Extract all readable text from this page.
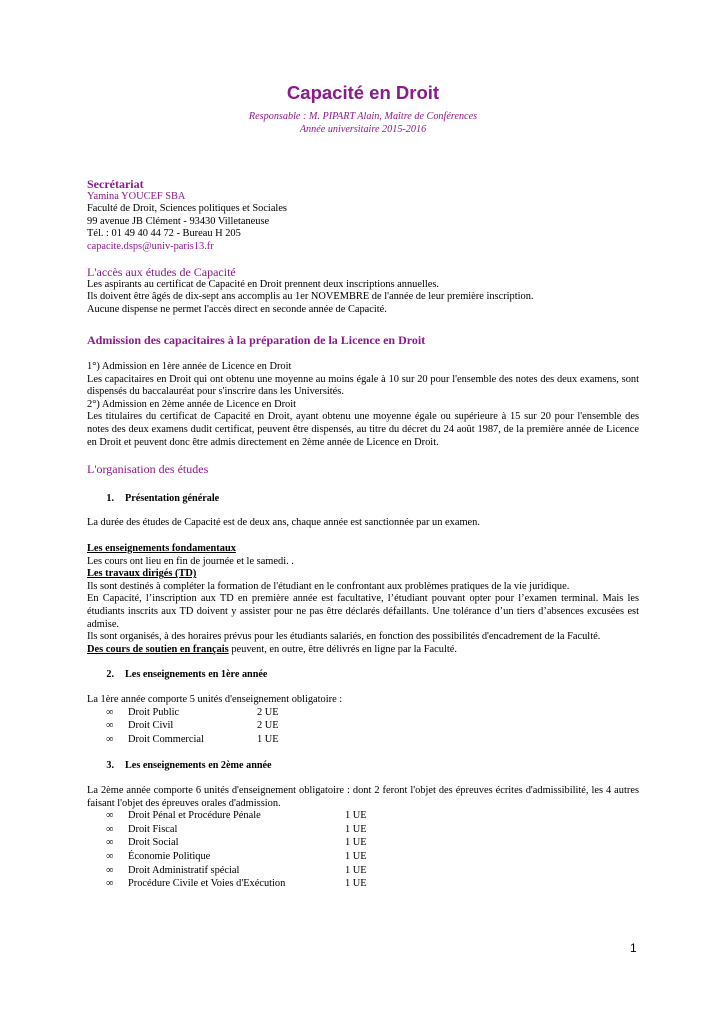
Capacité en Droit
Responsable : M. PIPART Alain, Maître de Conférences
Année universitaire 2015-2016
Secrétariat

Yamina YOUCEF SBA

Faculté de Droit, Sciences politiques et Sociales

99 avenue JB Clément - 93430 Villetaneuse

Tél. : 01 49 40 44 72 - Bureau H 205

capacite.dsps@univ-paris13.fr

L'accès aux études de Capacité

Les aspirants au certificat de Capacité en Droit prennent deux inscriptions annuelles.

Ils doivent être âgés de dix-sept ans accomplis au 1er NOVEMBRE de l'année de leur première inscription.

Aucune dispense ne permet l'accès direct en seconde année de Capacité.

Admission des capacitaires à la préparation de la Licence en Droit

1°) Admission en 1ère année de Licence en Droit

Les capacitaires en Droit qui ont obtenu une moyenne au moins égale à 10 sur 20 pour l'ensemble des notes des deux examens, sont dispensés du baccalauréat pour s'inscrire dans les Universités.

2°) Admission en 2ème année de Licence en Droit

Les titulaires du certificat de Capacité en Droit, ayant obtenu une moyenne égale ou supérieure à 15 sur 20 pour l'ensemble des notes des deux examens dudit certificat, peuvent être dispensés, au titre du décret du 24 août 1987, de la première année de Licence en Droit et peuvent donc être admis directement en 2ème année de Licence en Droit.

L'organisation des études
1. Présentation générale

La durée des études de Capacité est de deux ans, chaque année est sanctionnée par un examen.

Les enseignements fondamentaux

Les cours ont lieu en fin de journée et le samedi. .

Les travaux dirigés (TD)

Ils sont destinés à compléter la formation de l'étudiant en le confrontant aux problèmes pratiques de la vie juridique.

En Capacité, l’inscription aux TD en première année est facultative, l’étudiant pouvant opter pour l’examen terminal. Mais les étudiants inscrits aux TD doivent y assister pour ne pas être déclarés défaillants. Une tolérance d’un tiers d’absences excusées est admise.

Ils sont organisés, à des horaires prévus pour les étudiants salariés, en fonction des possibilités d'encadrement de la Faculté.

Des cours de soutien en français peuvent, en outre, être délivrés en ligne par la Faculté.

2. Les enseignements en 1ère année

La 1ère année comporte 5 unités d'enseignement obligatoire :

∞	Droit Public	2 UE
∞	Droit Civil	2 UE
∞	Droit Commercial	1 UE
3. Les enseignements en 2ème année

La 2ème année comporte 6 unités d'enseignement obligatoire : dont 2 feront l'objet des épreuves écrites d'admissibilité, les 4 autres faisant l'objet des épreuves orales d'admission.

∞	Droit Pénal et Procédure Pénale	1 UE
∞	Droit Fiscal	1 UE
∞	Droit Social	1 UE
∞	Économie Politique	1 UE
∞	Droit Administratif spécial	1 UE
∞	Procédure Civile et Voies d'Exécution	1 UE
1
